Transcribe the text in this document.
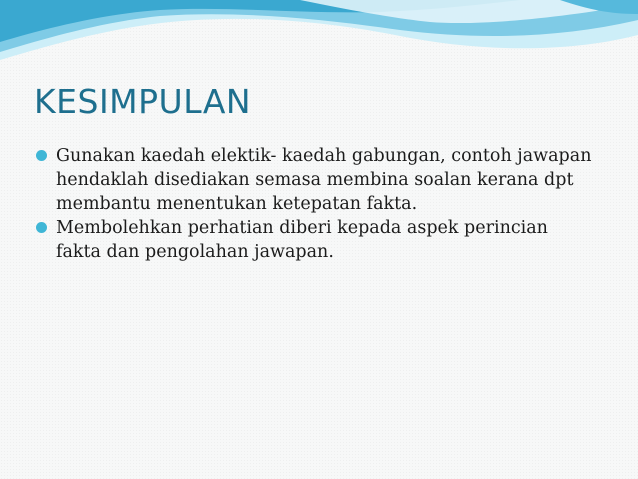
KESIMPULAN
Gunakan kaedah elektik- kaedah gabungan, contoh jawapan hendaklah disediakan semasa membina soalan kerana dpt membantu menentukan ketepatan fakta.
Membolehkan perhatian diberi kepada aspek perincian fakta dan pengolahan jawapan.
